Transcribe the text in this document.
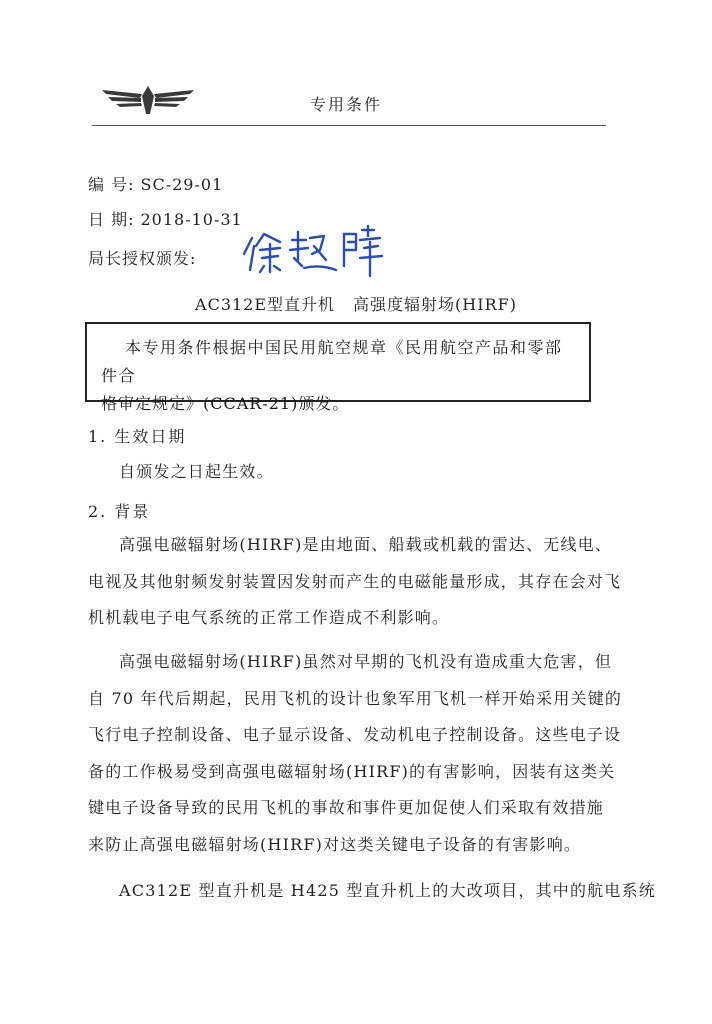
专用条件
编 号: SC-29-01
日 期: 2018-10-31
局长授权颁发:
AC312E型直升机 高强度辐射场(HIRF)
本专用条件根据中国民用航空规章《民用航空产品和零部件合
格审定规定》(CCAR-21)颁发。
1. 生效日期
自颁发之日起生效。
2. 背景
高强电磁辐射场(HIRF)是由地面、船载或机载的雷达、无线电、
电视及其他射频发射装置因发射而产生的电磁能量形成，其存在会对飞
机机载电子电气系统的正常工作造成不利影响。
高强电磁辐射场(HIRF)虽然对早期的飞机没有造成重大危害，但
自 70 年代后期起，民用飞机的设计也象军用飞机一样开始采用关键的
飞行电子控制设备、电子显示设备、发动机电子控制设备。这些电子设
备的工作极易受到高强电磁辐射场(HIRF)的有害影响，因装有这类关
键电子设备导致的民用飞机的事故和事件更加促使人们采取有效措施
来防止高强电磁辐射场(HIRF)对这类关键电子设备的有害影响。
AC312E 型直升机是 H425 型直升机上的大改项目，其中的航电系统
